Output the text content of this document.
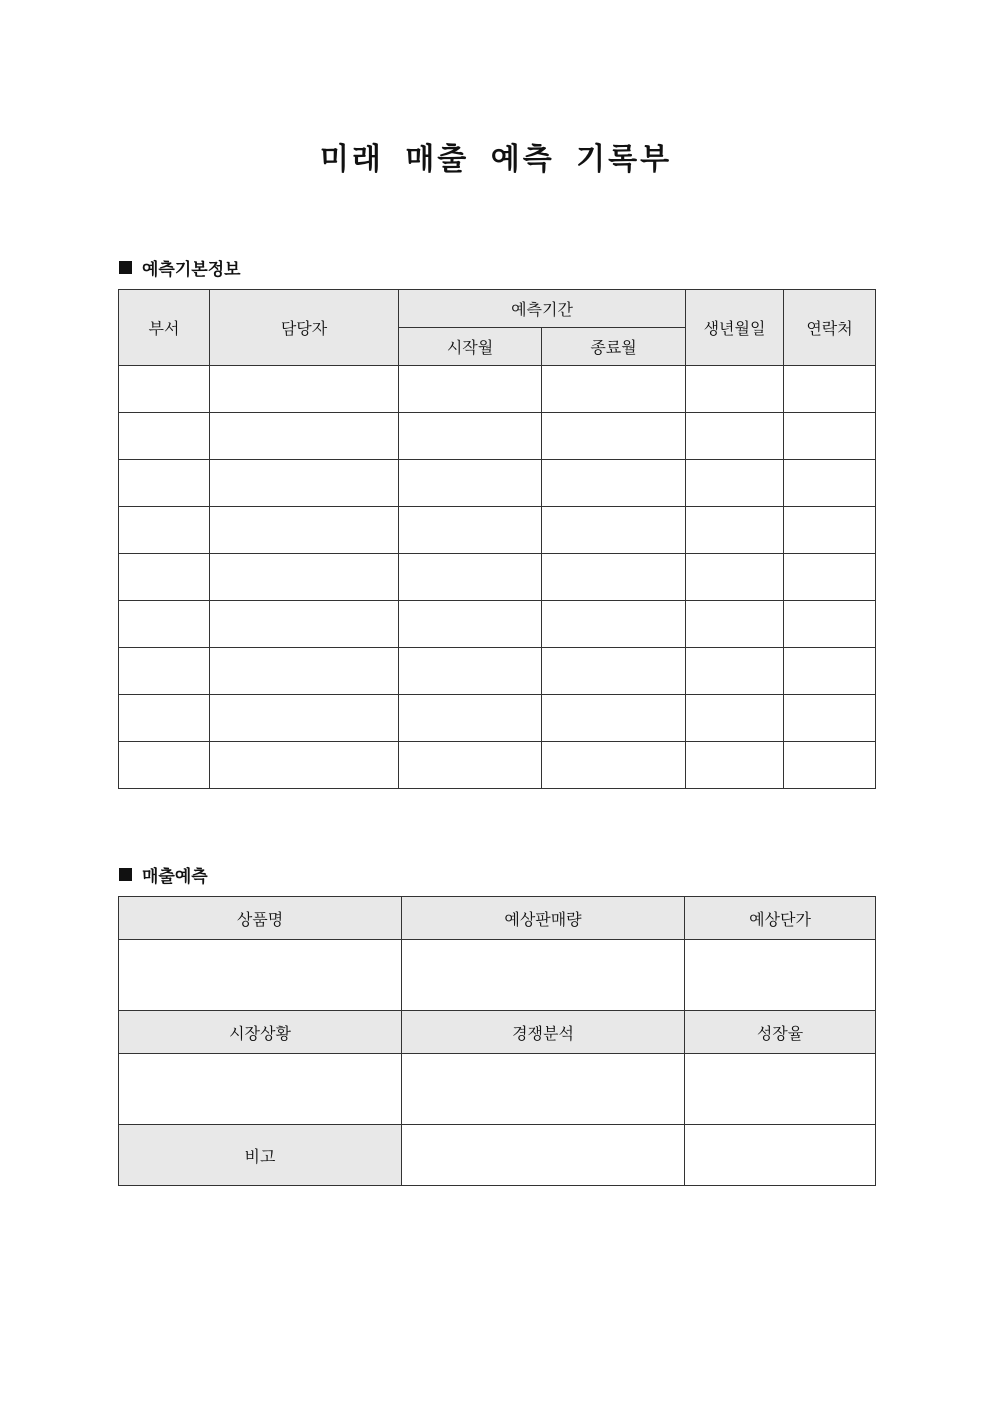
미래 매출 예측 기록부
예측기본정보
부서	담당자	예측기간		생년월일	연락처
		시작월	종료월		

매출예측
상품명	예상판매량	예상단가

시장상황	경쟁분석	성장율

비고		
